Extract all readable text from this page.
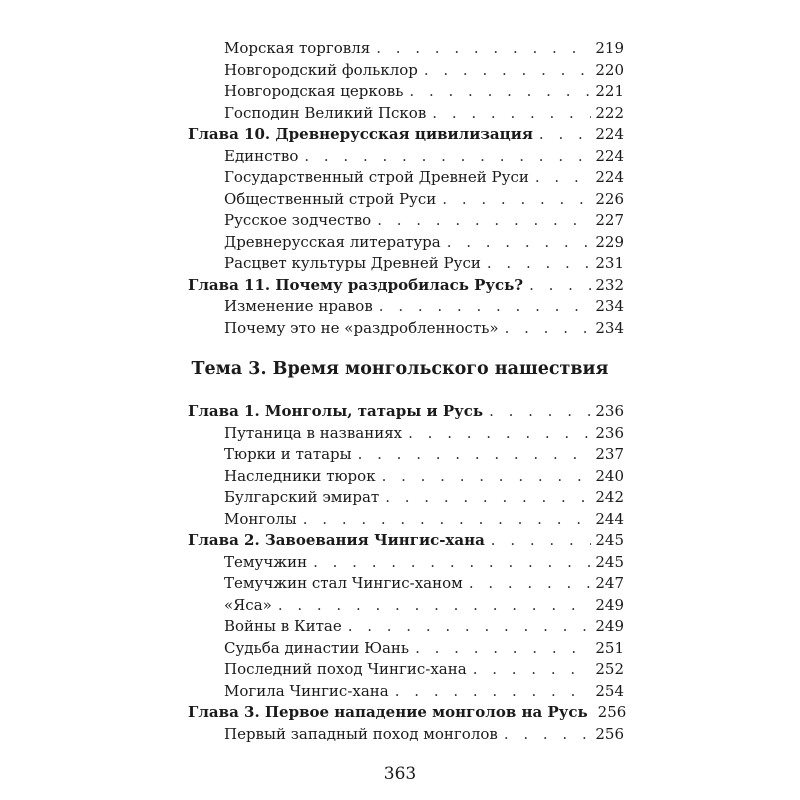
Морская торговля . . .	219
Новгородский фольклор . . .	220
Новгородская церковь . . .	221
Господин Великий Псков . . .	222
Глава 10. Древнерусская цивилизация . . .	224
Единство . . .	224
Государственный строй Древней Руси . . .	224
Общественный строй Руси . . .	226
Русское зодчество . . .	227
Древнерусская литература . . .	229
Расцвет культуры Древней Руси . . .	231
Глава 11. Почему раздробилась Русь? . . .	232
Изменение нравов . . .	234
Почему это не «раздробленность» . . .	234
Тема 3. Время монгольского нашествия
Глава 1. Монголы, татары и Русь . . .	236
Путаница в названиях . . .	236
Тюрки и татары . . .	237
Наследники тюрок . . .	240
Булгарский эмират . . .	242
Монголы . . .	244
Глава 2. Завоевания Чингис-хана . . .	245
Темучжин . . .	245
Темучжин стал Чингис-ханом . . .	247
«Яса» . . .	249
Войны в Китае . . .	249
Судьба династии Юань . . .	251
Последний поход Чингис-хана . . .	252
Могила Чингис-хана . . .	254
Глава 3. Первое нападение монголов на Русь 256
Первый западный поход монголов . . .	256
363
